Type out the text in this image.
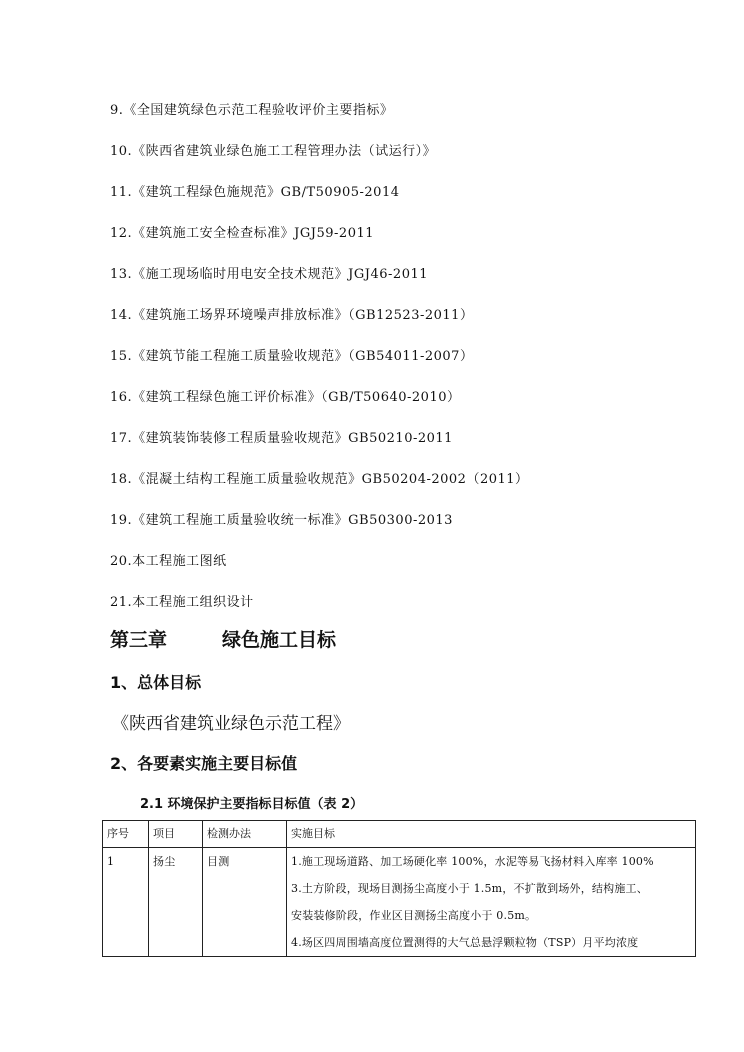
9.《全国建筑绿色示范工程验收评价主要指标》
10.《陕西省建筑业绿色施工工程管理办法（试运行）》
11.《建筑工程绿色施规范》GB/T50905-2014
12.《建筑施工安全检查标准》JGJ59-2011
13.《施工现场临时用电安全技术规范》JGJ46-2011
14.《建筑施工场界环境噪声排放标准》（GB12523-2011）
15.《建筑节能工程施工质量验收规范》（GB54011-2007）
16.《建筑工程绿色施工评价标准》（GB/T50640-2010）
17.《建筑装饰装修工程质量验收规范》GB50210-2011
18.《混凝土结构工程施工质量验收规范》GB50204-2002（2011）
19.《建筑工程施工质量验收统一标准》GB50300-2013
20.本工程施工图纸
21.本工程施工组织设计
第三章	绿色施工目标
1、总体目标
《陕西省建筑业绿色示范工程》
2、各要素实施主要目标值
2.1 环境保护主要指标目标值（表 2）
序号	项目	检测办法	实施目标

1	扬尘	目测	1.施工现场道路、加工场硬化率 100%，水泥等易飞扬材料入库率 100%
3.土方阶段，现场目测扬尘高度小于 1.5m，不扩散到场外，结构施工、
安装装修阶段，作业区目测扬尘高度小于 0.5m。
4.场区四周围墙高度位置测得的大气总悬浮颗粒物（TSP）月平均浓度
